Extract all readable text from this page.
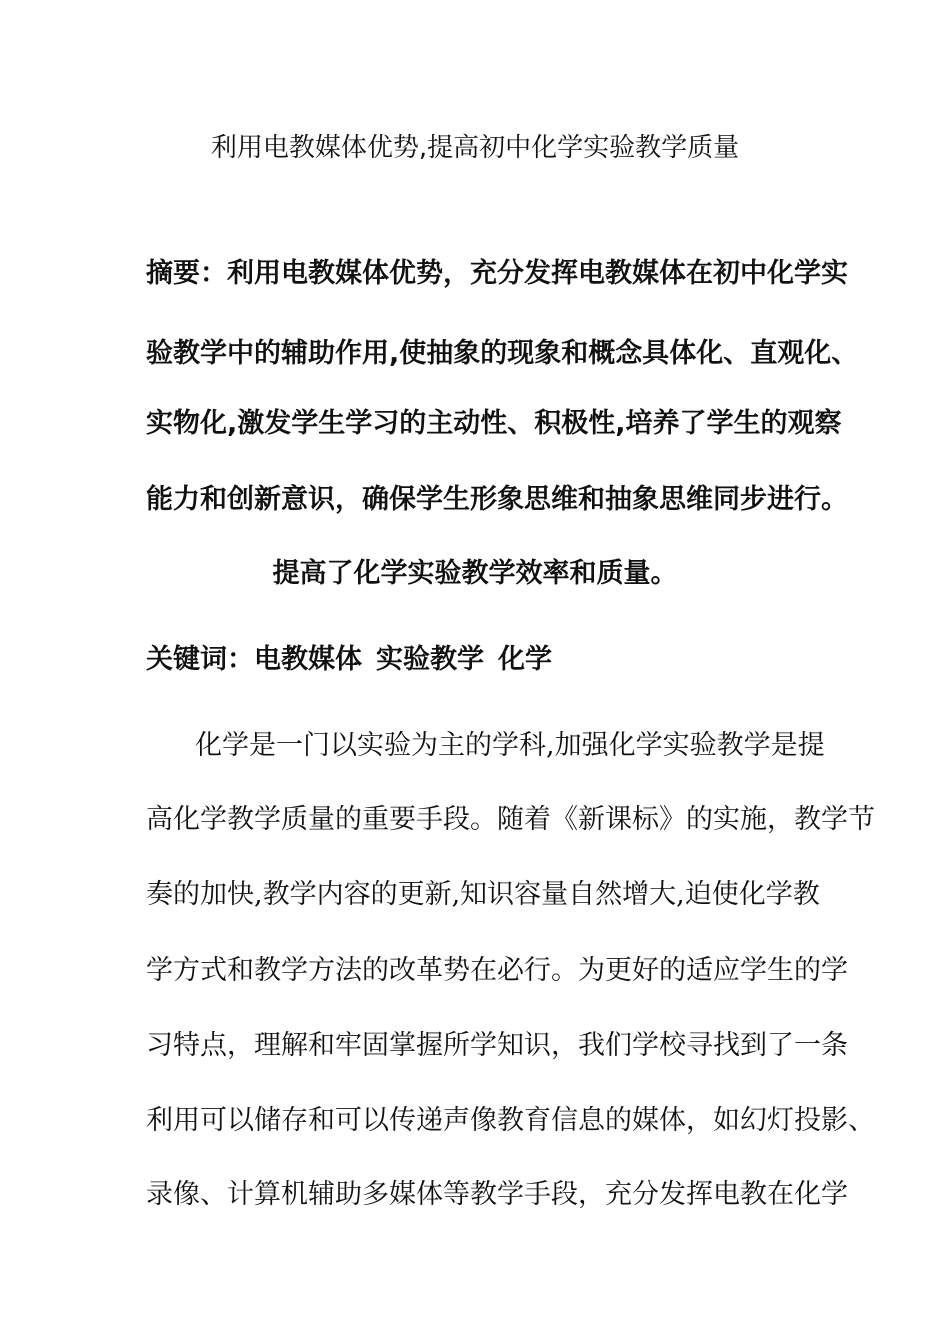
利用电教媒体优势,提高初中化学实验教学质量
摘要：利用电教媒体优势，充分发挥电教媒体在初中化学实
验教学中的辅助作用,使抽象的现象和概念具体化、直观化、
实物化,激发学生学习的主动性、积极性,培养了学生的观察
能力和创新意识，确保学生形象思维和抽象思维同步进行。
提高了化学实验教学效率和质量。
关键词：电教媒体 实验教学 化学
化学是一门以实验为主的学科,加强化学实验教学是提
高化学教学质量的重要手段。随着《新课标》的实施，教学节
奏的加快,教学内容的更新,知识容量自然增大,迫使化学教
学方式和教学方法的改革势在必行。为更好的适应学生的学
习特点，理解和牢固掌握所学知识，我们学校寻找到了一条
利用可以储存和可以传递声像教育信息的媒体，如幻灯投影、
录像、计算机辅助多媒体等教学手段，充分发挥电教在化学
